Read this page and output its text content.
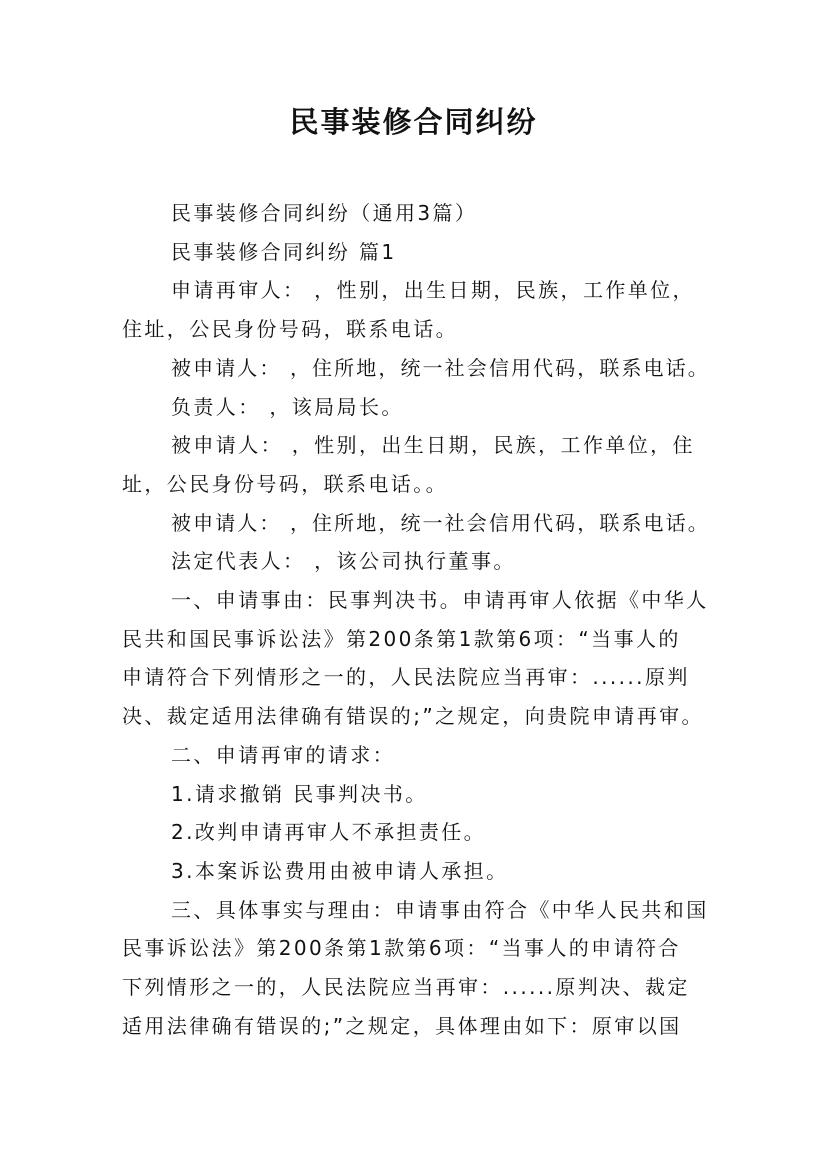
民事装修合同纠纷
民事装修合同纠纷（通用3篇）
民事装修合同纠纷 篇1
申请再审人： ，性别，出生日期，民族，工作单位，
住址，公民身份号码，联系电话。
被申请人： ，住所地，统一社会信用代码，联系电话。
负责人： ，该局局长。
被申请人： ，性别，出生日期，民族，工作单位，住
址，公民身份号码，联系电话。。
被申请人： ，住所地，统一社会信用代码，联系电话。
法定代表人： ，该公司执行董事。
一、申请事由：民事判决书。申请再审人依据《中华人
民共和国民事诉讼法》第200条第1款第6项：“当事人的
申请符合下列情形之一的，人民法院应当再审：......原判
决、裁定适用法律确有错误的;”之规定，向贵院申请再审。
二、申请再审的请求：
1.请求撤销 民事判决书。
2.改判申请再审人不承担责任。
3.本案诉讼费用由被申请人承担。
三、具体事实与理由：申请事由符合《中华人民共和国
民事诉讼法》第200条第1款第6项：“当事人的申请符合
下列情形之一的，人民法院应当再审：......原判决、裁定
适用法律确有错误的;”之规定，具体理由如下：原审以国
